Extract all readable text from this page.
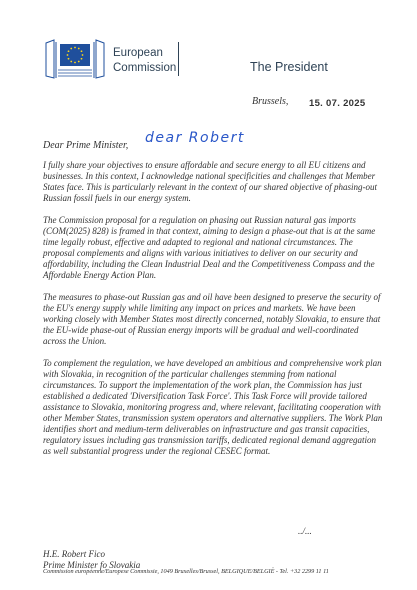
European
Commission	The President
Brussels, 15. 07. 2025
Dear Prime Minister, dear Robert

I fully share your objectives to ensure affordable and secure energy to all EU citizens and businesses. In this context, I acknowledge national specificities and challenges that Member States face. This is particularly relevant in the context of our shared objective of phasing-out Russian fossil fuels in our energy system.

The Commission proposal for a regulation on phasing out Russian natural gas imports (COM(2025) 828) is framed in that context, aiming to design a phase-out that is at the same time legally robust, effective and adapted to regional and national circumstances. The proposal complements and aligns with various initiatives to deliver on our security and affordability, including the Clean Industrial Deal and the Competitiveness Compass and the Affordable Energy Action Plan.

The measures to phase-out Russian gas and oil have been designed to preserve the security of the EU's energy supply while limiting any impact on prices and markets. We have been working closely with Member States most directly concerned, notably Slovakia, to ensure that the EU-wide phase-out of Russian energy imports will be gradual and well-coordinated across the Union.

To complement the regulation, we have developed an ambitious and comprehensive work plan with Slovakia, in recognition of the particular challenges stemming from national circumstances. To support the implementation of the work plan, the Commission has just established a dedicated 'Diversification Task Force'. This Task Force will provide tailored assistance to Slovakia, monitoring progress and, where relevant, facilitating cooperation with other Member States, transmission system operators and alternative suppliers. The Work Plan identifies short and medium-term deliverables on infrastructure and gas transit capacities, regulatory issues including gas transmission tariffs, dedicated regional demand aggregation as well substantial progress under the regional CESEC format.

../...
H.E. Robert Fico
Prime Minister fo Slovakia
Commission européenne/Europese Commissie, 1049 Bruxelles/Brussel, BELGIQUE/BELGIË - Tel. +32 2299 11 11
